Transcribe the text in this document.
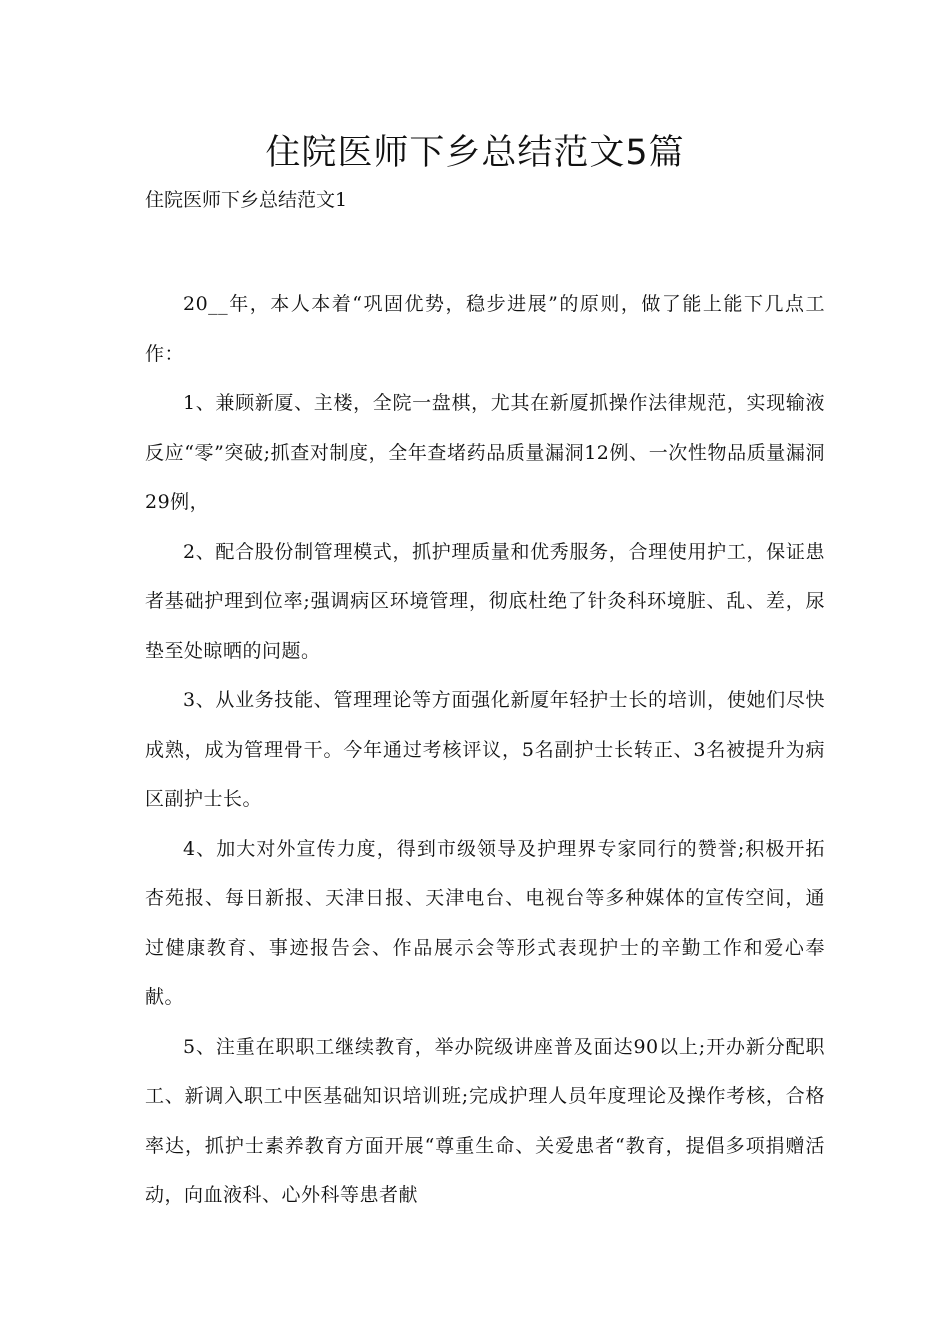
住院医师下乡总结范文5篇

住院医师下乡总结范文1

20__年，本人本着“巩固优势，稳步进展”的原则，做了能上能下几点工作：

1、兼顾新厦、主楼，全院一盘棋，尤其在新厦抓操作法律规范，实现输液反应“零”突破;抓查对制度，全年查堵药品质量漏洞12例、一次性物品质量漏洞29例，

2、配合股份制管理模式，抓护理质量和优秀服务，合理使用护工，保证患者基础护理到位率;强调病区环境管理，彻底杜绝了针灸科环境脏、乱、差，尿垫至处晾晒的问题。

3、从业务技能、管理理论等方面强化新厦年轻护士长的培训，使她们尽快成熟，成为管理骨干。今年通过考核评议，5名副护士长转正、3名被提升为病区副护士长。

4、加大对外宣传力度，得到市级领导及护理界专家同行的赞誉;积极开拓杏苑报、每日新报、天津日报、天津电台、电视台等多种媒体的宣传空间，通过健康教育、事迹报告会、作品展示会等形式表现护士的辛勤工作和爱心奉献。

5、注重在职职工继续教育，举办院级讲座普及面达90以上;开办新分配职工、新调入职工中医基础知识培训班;完成护理人员年度理论及操作考核，合格率达，抓护士素养教育方面开展“尊重生命、关爱患者“教育，提倡多项捐赠活动，向血液科、心外科等患者献
